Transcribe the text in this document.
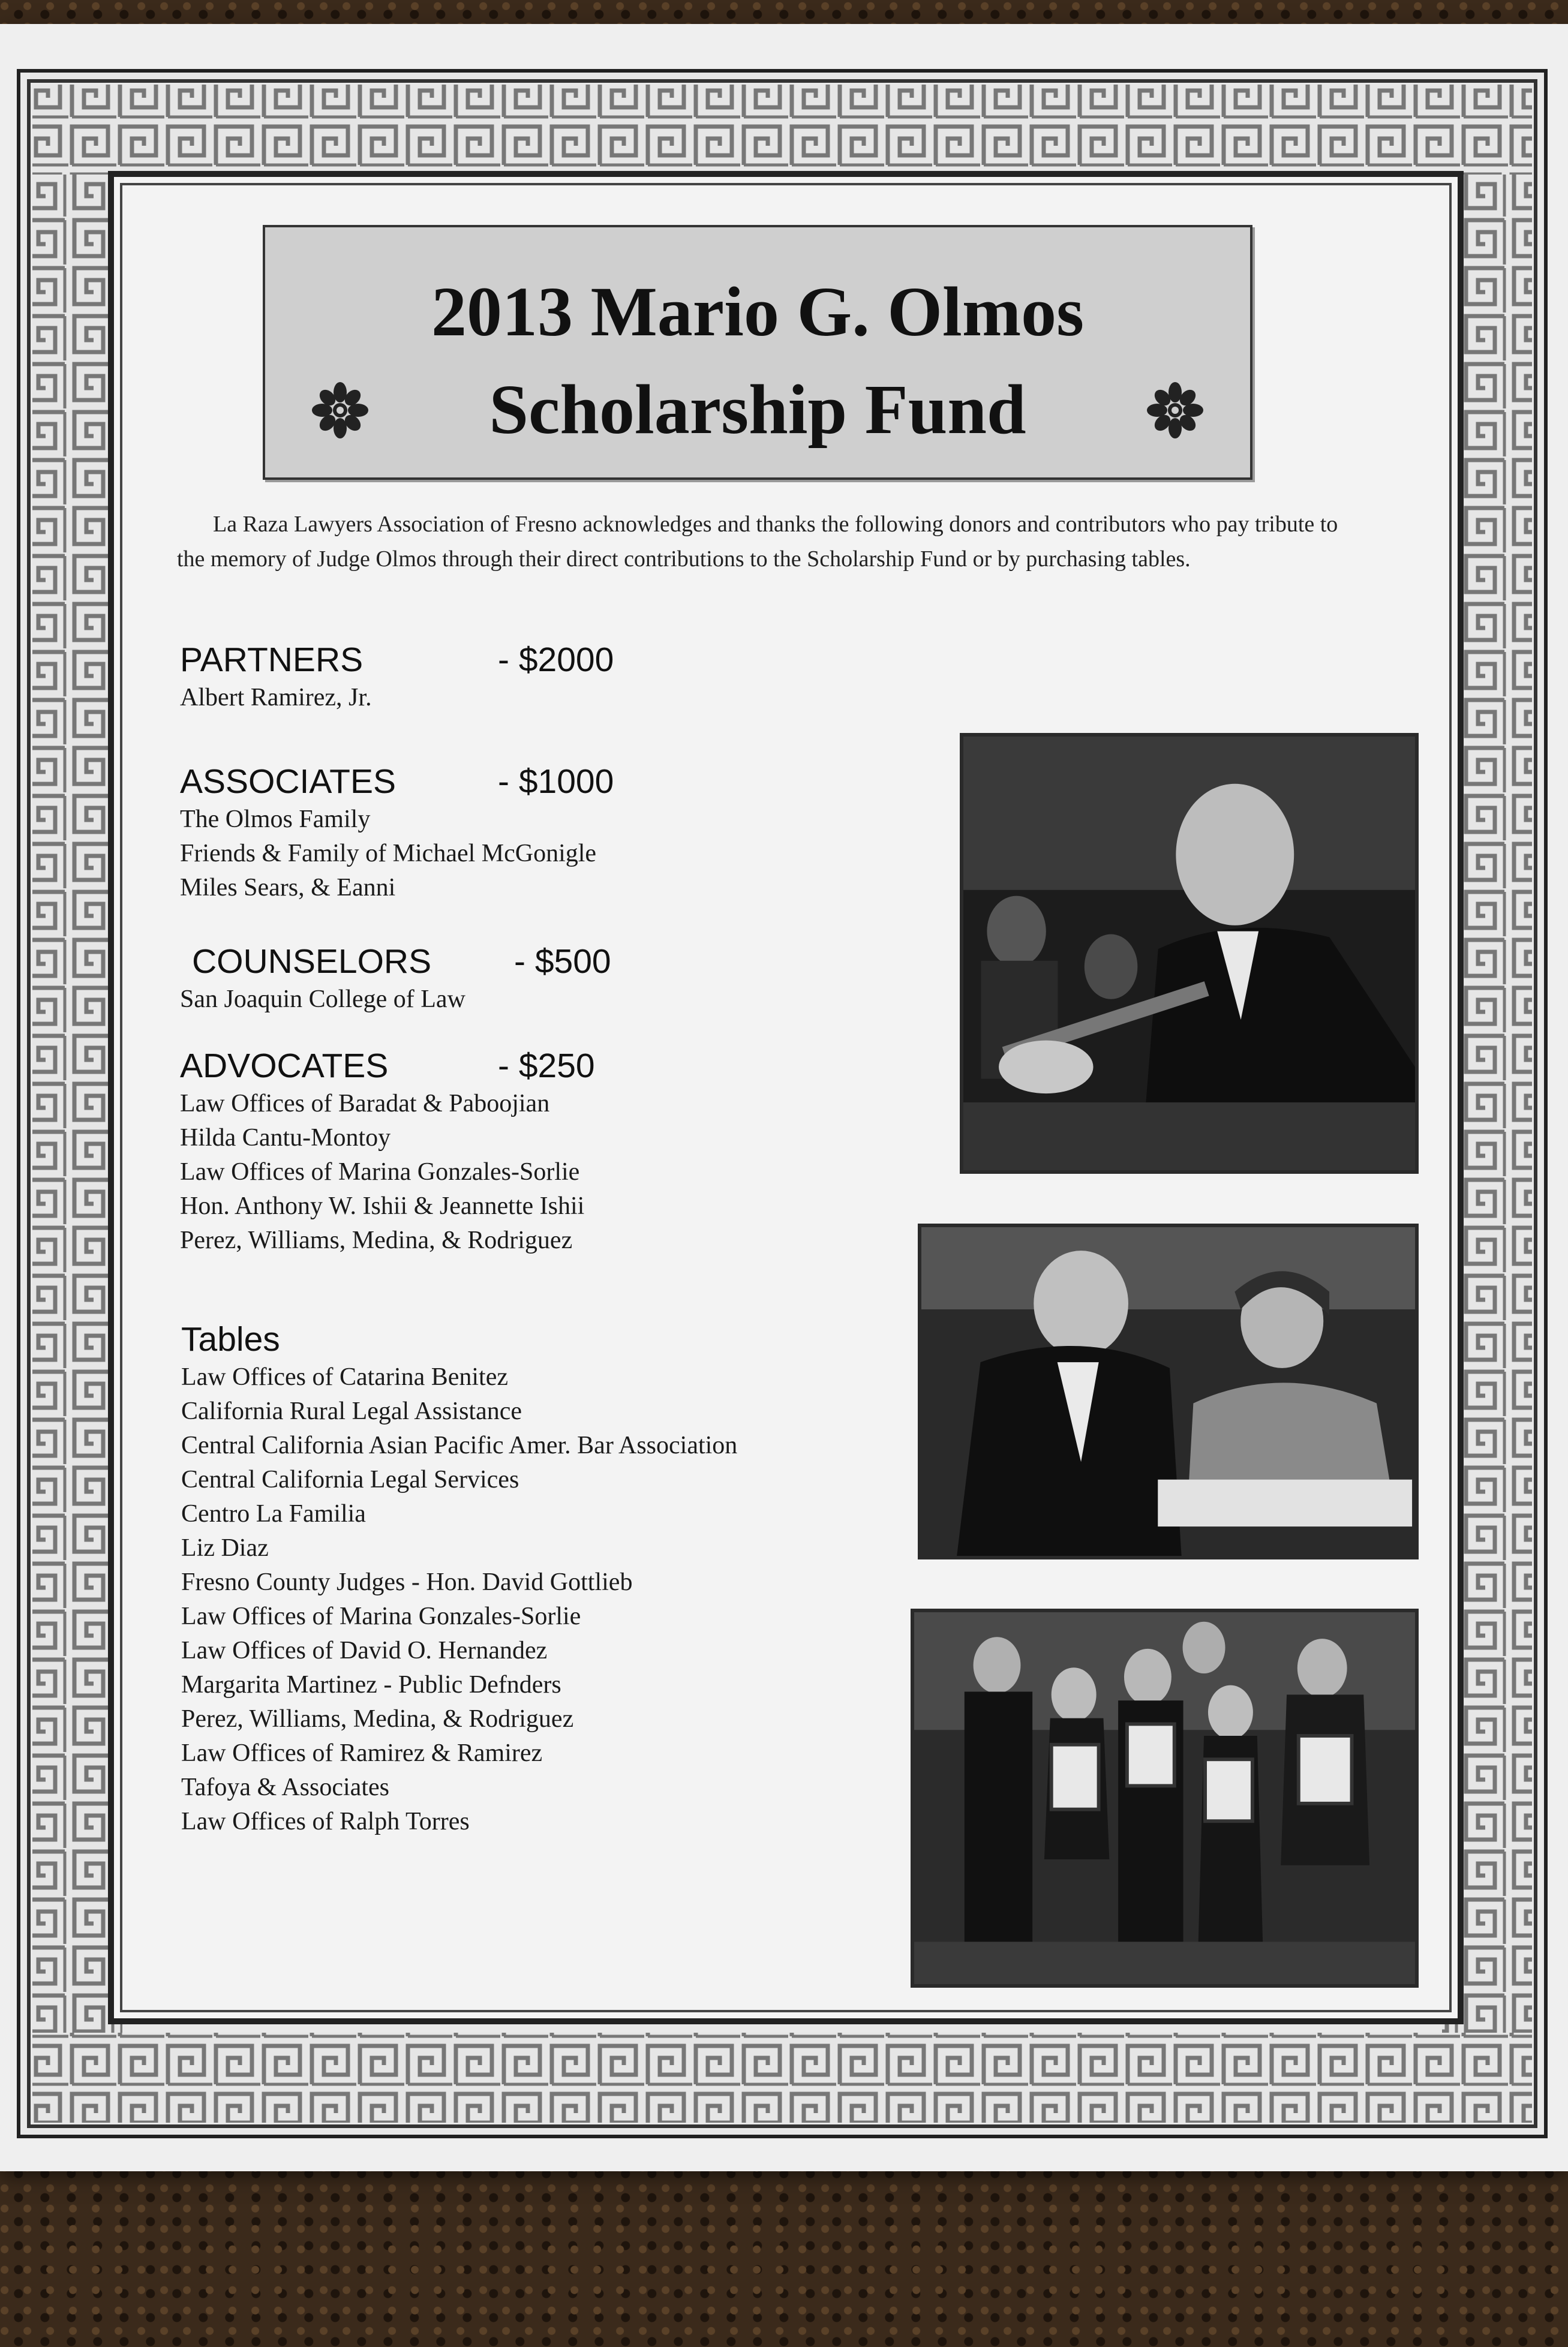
2013 Mario G. Olmos
Scholarship Fund
La Raza Lawyers Association of Fresno acknowledges and thanks the following donors and contributors who pay tribute to the memory of Judge Olmos through their direct contributions to the Scholarship Fund or by purchasing tables.
PARTNERS	- $2000
Albert Ramirez, Jr.
ASSOCIATES	- $1000
The Olmos Family
Friends & Family of Michael McGonigle
Miles Sears, & Eanni
COUNSELORS - $500
San Joaquin College of Law
ADVOCATES	- $250
Law Offices of Baradat & Paboojian
Hilda Cantu-Montoy
Law Offices of Marina Gonzales-Sorlie
Hon. Anthony W. Ishii & Jeannette Ishii
Perez, Williams, Medina, & Rodriguez
Tables
Law Offices of Catarina Benitez
California Rural Legal Assistance
Central California Asian Pacific Amer. Bar Association
Central California Legal Services
Centro La Familia
Liz Diaz
Fresno County Judges - Hon. David Gottlieb
Law Offices of Marina Gonzales-Sorlie
Law Offices of David O. Hernandez
Margarita Martinez - Public Defnders
Perez, Williams, Medina, & Rodriguez
Law Offices of Ramirez & Ramirez
Tafoya & Associates
Law Offices of Ralph Torres
